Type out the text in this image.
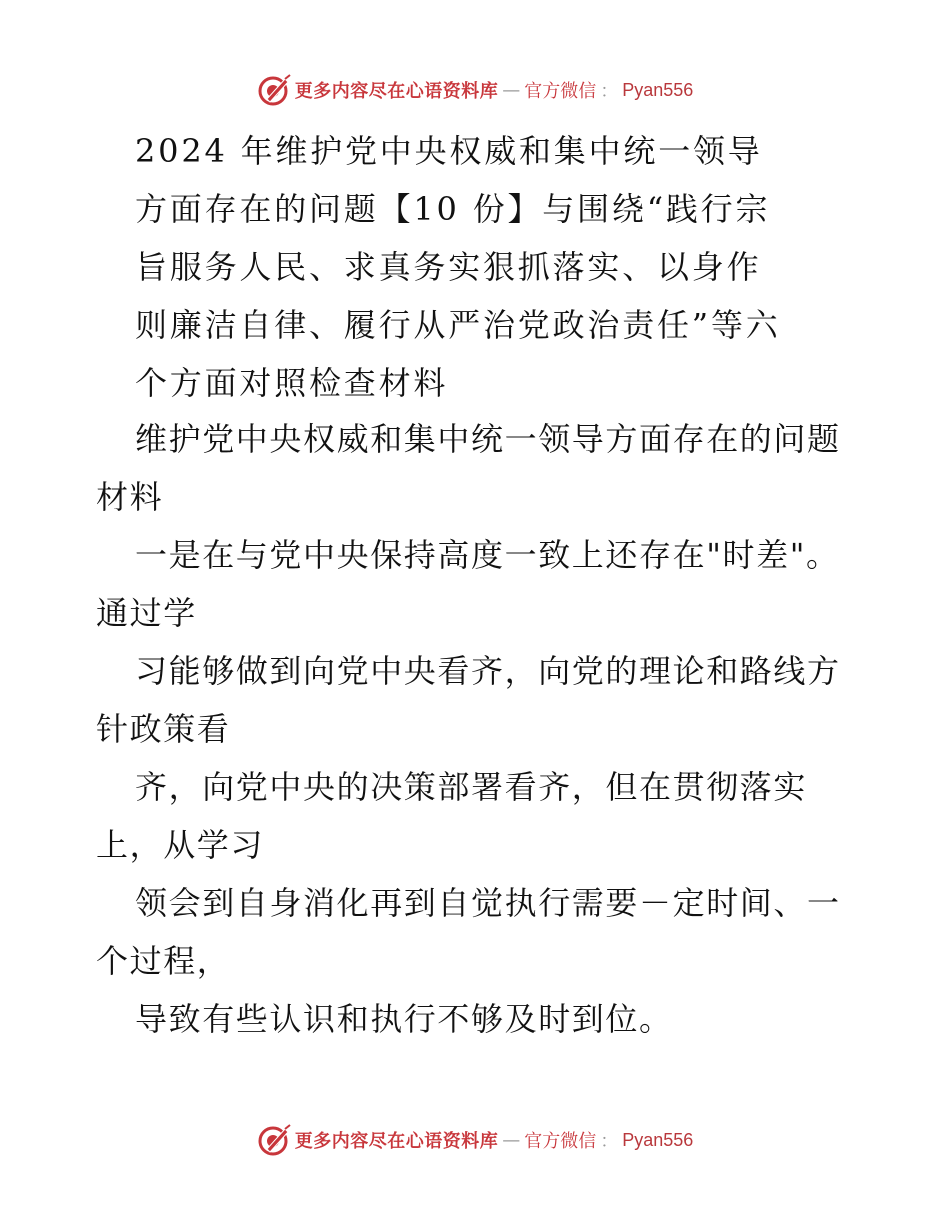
更多内容尽在心语资料库 — 官方微信 ： Pyan556
2024 年维护党中央权威和集中统一领导
方面存在的问题【10 份】与围绕“践行宗
旨服务人民、求真务实狠抓落实、以身作
则廉洁自律、履行从严治党政治责任”等六
个方面对照检查材料
维护党中央权威和集中统一领导方面存在的问题
材料
一是在与党中央保持高度一致上还存在"时差"。
通过学
习能够做到向党中央看齐，向党的理论和路线方
针政策看
齐，向党中央的决策部署看齐，但在贯彻落实
上，从学习
领会到自身消化再到自觉执行需要－定时间、一
个过程，
导致有些认识和执行不够及时到位。
更多内容尽在心语资料库 — 官方微信 ： Pyan556
